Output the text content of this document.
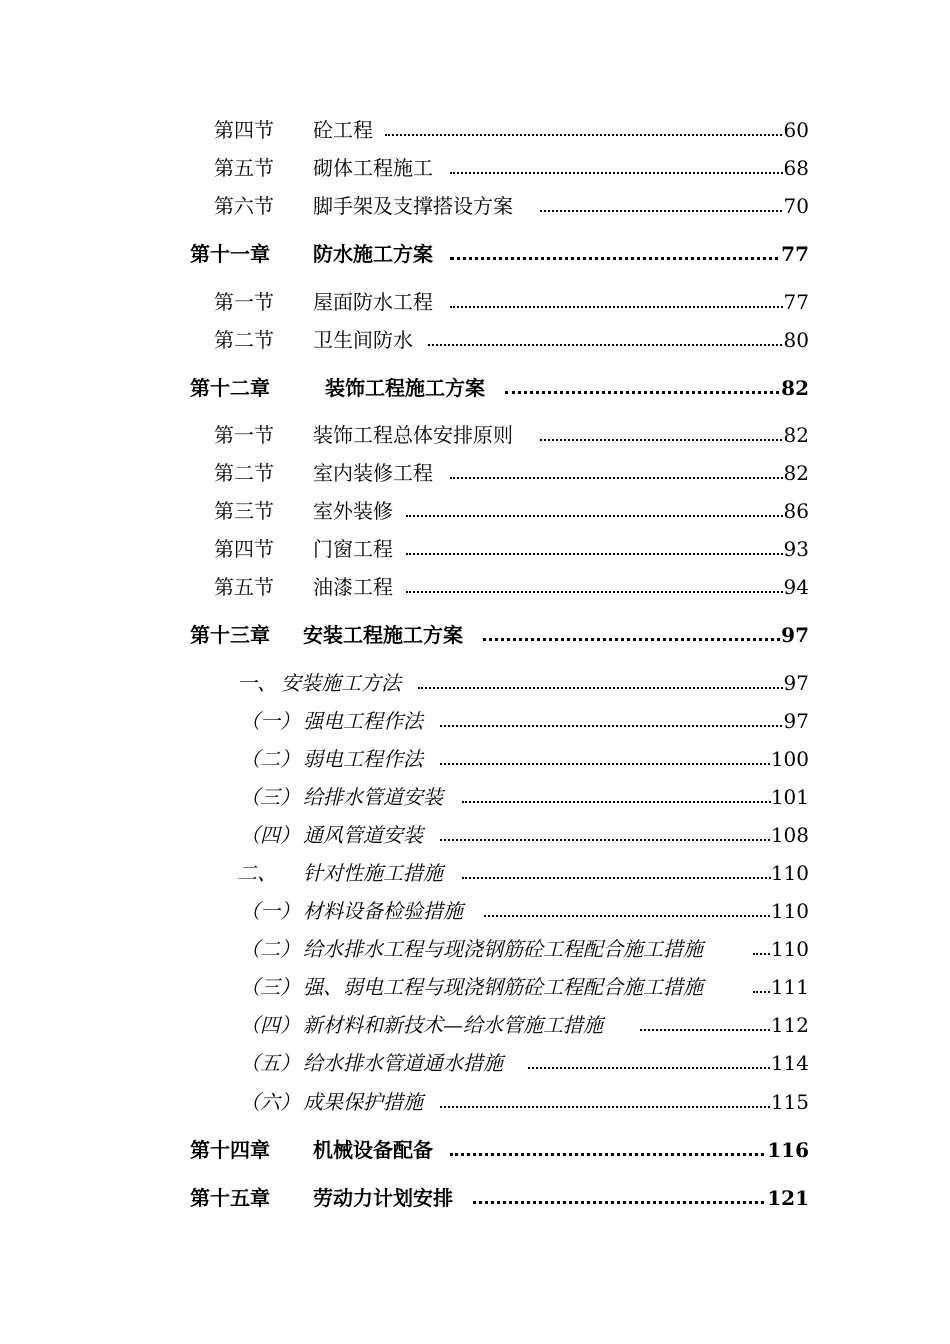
第四节 砼工程	60
第五节 砌体工程施工	68
第六节 脚手架及支撑搭设方案	70
第十一章 防水施工方案	77
第一节 屋面防水工程	77
第二节 卫生间防水	80
第十二章	装饰工程施工方案	82
第一节 装饰工程总体安排原则	82
第二节 室内装修工程	82
第三节 室外装修	86
第四节 门窗工程	93
第五节 油漆工程	94
第十三章 安装工程施工方案	97
一、 安装施工方法	97
（一） 强电工程作法	97
（二） 弱电工程作法	100
（三） 给排水管道安装	101
（四） 通风管道安装	108
二、 针对性施工措施	110
（一） 材料设备检验措施	110
（二） 给水排水工程与现浇钢筋砼工程配合施工措施	110
（三） 强、弱电工程与现浇钢筋砼工程配合施工措施	111
（四） 新材料和新技术—给水管施工措施	112
（五） 给水排水管道通水措施	114
（六） 成果保护措施	115
第十四章 机械设备配备	116
第十五章 劳动力计划安排	121
